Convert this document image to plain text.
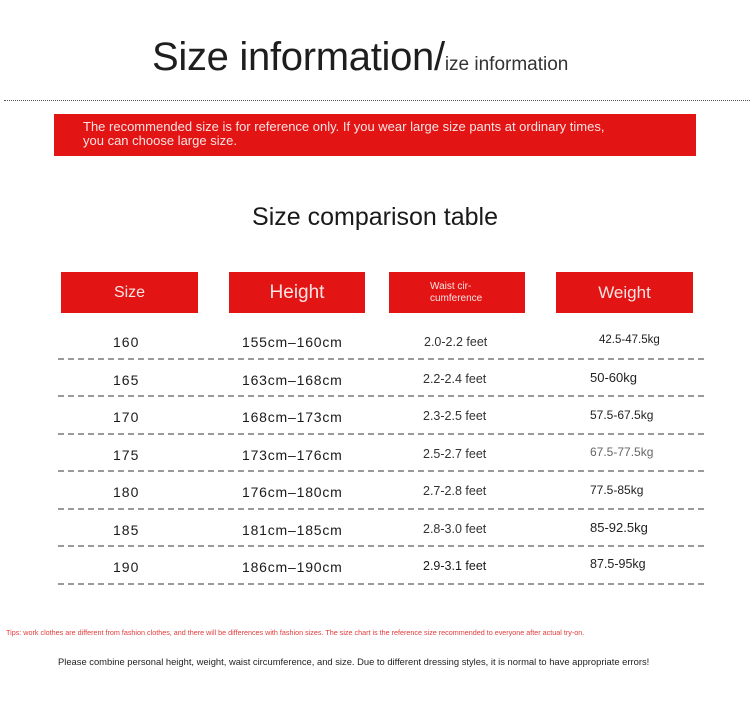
Size information/ize information
The recommended size is for reference only. If you wear large size pants at ordinary times,
you can choose large size.
Size comparison table
Size	Height	Waist cir-
cumference	Weight
160	155cm–160cm	2.0-2.2 feet	42.5-47.5kg
165	163cm–168cm	2.2-2.4 feet	50-60kg
170	168cm–173cm	2.3-2.5 feet	57.5-67.5kg
175	173cm–176cm	2.5-2.7 feet	67.5-77.5kg
180	176cm–180cm	2.7-2.8 feet	77.5-85kg
185	181cm–185cm	2.8-3.0 feet	85-92.5kg
190	186cm–190cm	2.9-3.1 feet	87.5-95kg
Tips: work clothes are different from fashion clothes, and there will be differences with fashion sizes. The size chart is the reference size recommended to everyone after actual try-on.
Please combine personal height, weight, waist circumference, and size. Due to different dressing styles, it is normal to have appropriate errors!
